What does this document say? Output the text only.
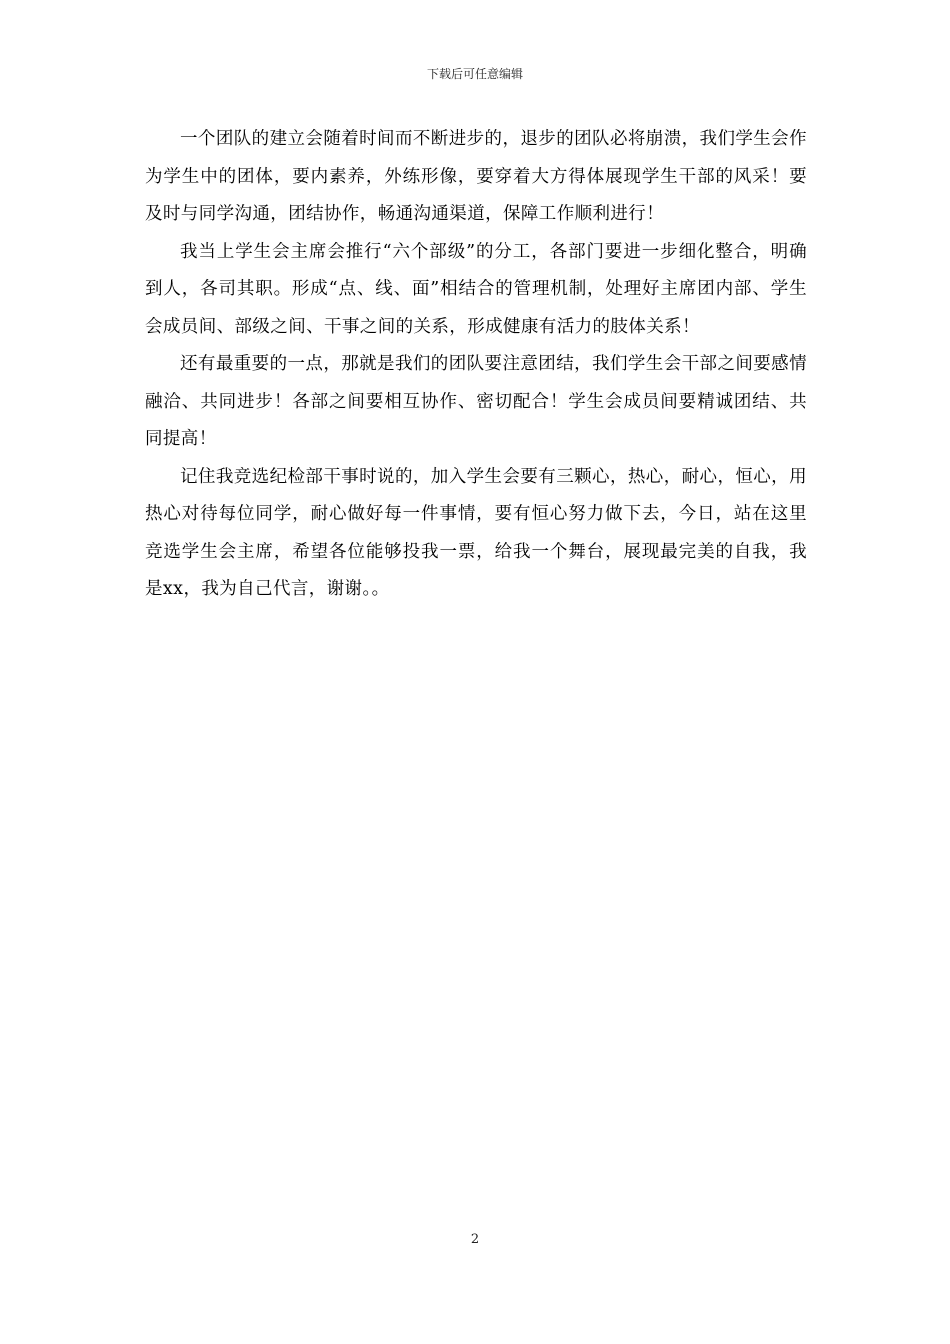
下载后可任意编辑

一个团队的建立会随着时间而不断进步的，退步的团队必将崩溃，我们学生会作为学生中的团体，要内素养，外练形像，要穿着大方得体展现学生干部的风采！要及时与同学沟通，团结协作，畅通沟通渠道，保障工作顺利进行！

我当上学生会主席会推行“六个部级”的分工，各部门要进一步细化整合，明确到人，各司其职。形成“点、线、面”相结合的管理机制，处理好主席团内部、学生会成员间、部级之间、干事之间的关系，形成健康有活力的肢体关系！

还有最重要的一点，那就是我们的团队要注意团结，我们学生会干部之间要感情融洽、共同进步！各部之间要相互协作、密切配合！学生会成员间要精诚团结、共同提高！

记住我竞选纪检部干事时说的，加入学生会要有三颗心，热心，耐心，恒心，用热心对待每位同学，耐心做好每一件事情，要有恒心努力做下去，今日，站在这里竞选学生会主席，希望各位能够投我一票，给我一个舞台，展现最完美的自我，我是xx，我为自己代言，谢谢。。

2
